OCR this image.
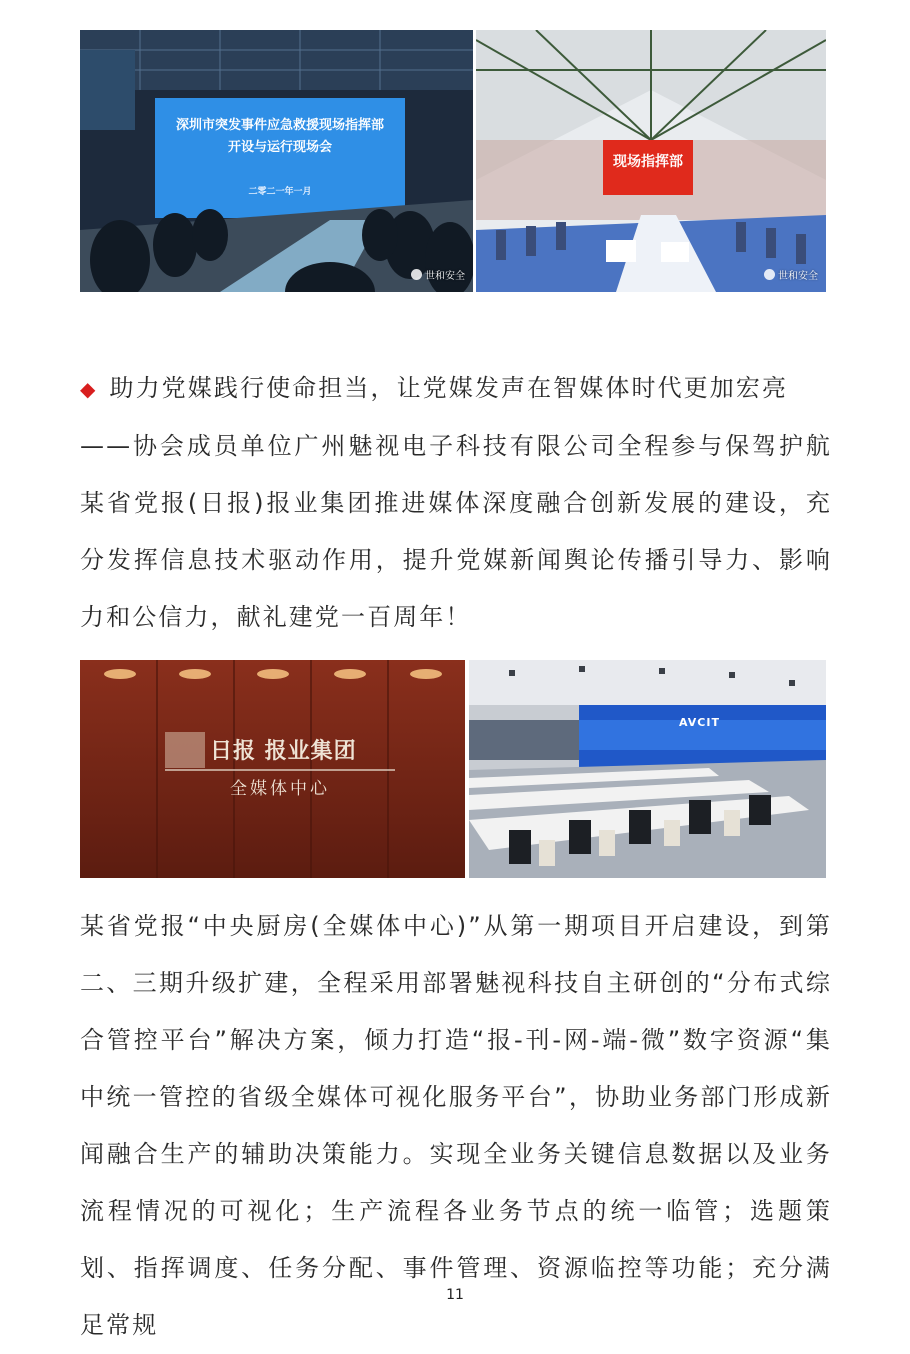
深圳市突发事件应急救援现场指挥部
开设与运行现场会
二零二一年一月
世和安全
现场指挥部
世和安全
◆ 助力党媒践行使命担当，让党媒发声在智媒体时代更加宏亮
——协会成员单位广州魅视电子科技有限公司全程参与保驾护航某省党报(日报)报业集团推进媒体深度融合创新发展的建设，充分发挥信息技术驱动作用，提升党媒新闻舆论传播引导力、影响力和公信力，献礼建党一百周年！
日报 报业集团
全媒体中心
AVCIT
某省党报“中央厨房(全媒体中心)”从第一期项目开启建设，到第二、三期升级扩建，全程采用部署魅视科技自主研创的“分布式综合管控平台”解决方案，倾力打造“报-刊-网-端-微”数字资源“集中统一管控的省级全媒体可视化服务平台”，协助业务部门形成新闻融合生产的辅助决策能力。实现全业务关键信息数据以及业务流程情况的可视化；生产流程各业务节点的统一临管；选题策划、指挥调度、任务分配、事件管理、资源临控等功能；充分满足常规
11
